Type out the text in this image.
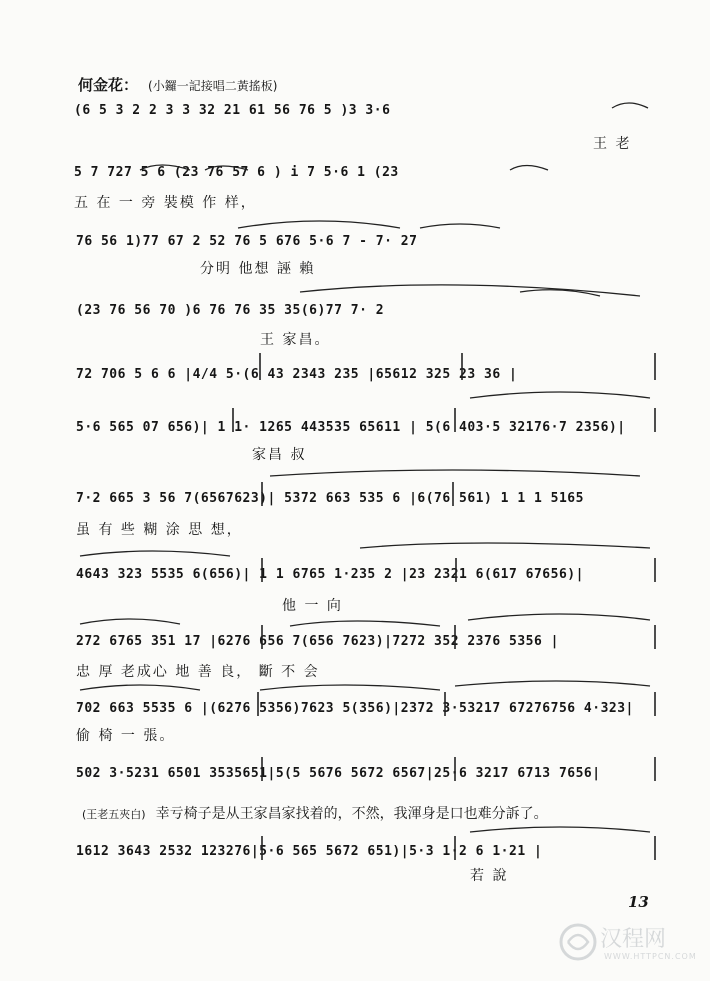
何金花： (小鑼一記接唱二黃搖板)
(6 5 3 2 2 3 3 32 21 61 56 76 5 )3 3·6
王 老
5 7 727 5 6 (23 76 57 6 ) i 7 5·6 1 (23
五 在 一 旁 裝模 作 样，
76 56 1)77 67 2 52 76 5 676 5·6 7 - 7· 27
分明 他想 誣 賴
(23 76 56 70 )6 76 76 35 35(6)77 7· 2
王 家昌。
72 706 5 6 6 |4/4 5·(6 43 2343 235 |65612 325 23 36 |
5·6 565 07 656)| 1 1· 1265 443535 65611 | 5(6 403·5 32176·7 2356)|
家昌 叔
7·2 665 3 56 7(6567623)| 5372 663 535 6 |6(76 561) 1 1 1 5165
虽 有 些 糊 涂 思 想，
4643 323 5535 6(656)| 1 1 6765 1·235 2 |23 2321 6(617 67656)|
他 一 向
272 6765 351 17 |6276 656 7(656 7623)|7272 352 2376 5356 |
忠 厚 老成心 地 善 良， 斷 不 会
702 663 5535 6 |(6276 5356)7623 5(356)|2372 3·53217 67276756 4·323|
偷 椅 一 張。
502 3·5231 6501 3535651|5(5 5676 5672 6567|25·6 3217 6713 7656|
(王老五夾白) 幸亏椅子是从王家昌家找着的，不然，我渾身是口也难分訴了。
1612 3643 2532 123276|5·6 565 5672 651)|5·3 1·2 6 1·21 |
若 說
13
汉程网
WWW.HTTPCN.COM
